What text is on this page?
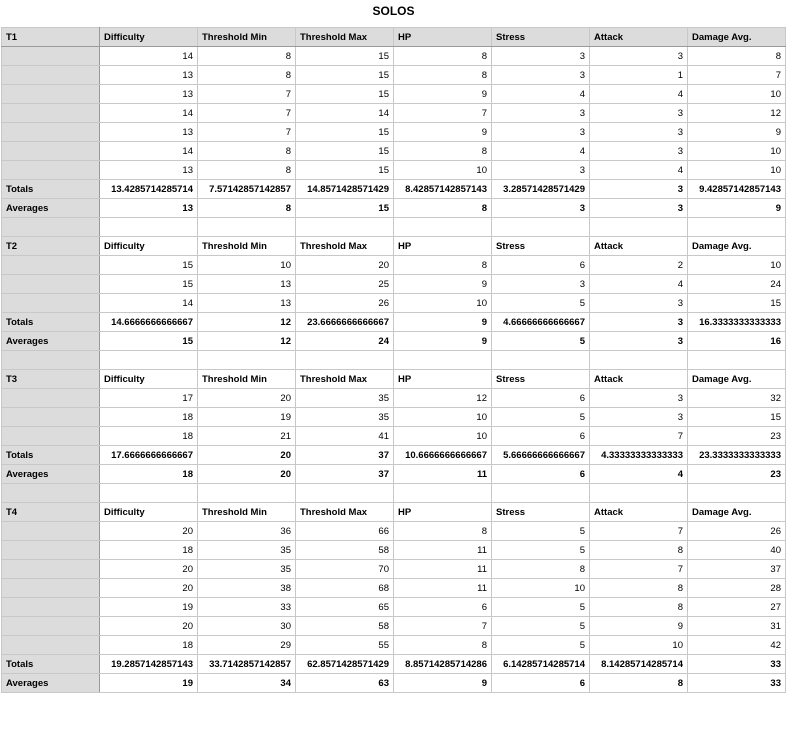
SOLOS
T1	Difficulty	Threshold Min	Threshold Max	HP	Stress	Attack	Damage Avg.
	14	8	15	8	3	3	8
	13	8	15	8	3	1	7
	13	7	15	9	4	4	10
	14	7	14	7	3	3	12
	13	7	15	9	3	3	9
	14	8	15	8	4	3	10
	13	8	15	10	3	4	10
Totals	13.4285714285714	7.57142857142857	14.8571428571429	8.42857142857143	3.28571428571429	3	9.42857142857143
Averages	13	8	15	8	3	3	9

T2	Difficulty	Threshold Min	Threshold Max	HP	Stress	Attack	Damage Avg.
	15	10	20	8	6	2	10
	15	13	25	9	3	4	24
	14	13	26	10	5	3	15
Totals	14.6666666666667	12	23.6666666666667	9	4.66666666666667	3	16.3333333333333
Averages	15	12	24	9	5	3	16

T3	Difficulty	Threshold Min	Threshold Max	HP	Stress	Attack	Damage Avg.
	17	20	35	12	6	3	32
	18	19	35	10	5	3	15
	18	21	41	10	6	7	23
Totals	17.6666666666667	20	37	10.6666666666667	5.66666666666667	4.33333333333333	23.3333333333333
Averages	18	20	37	11	6	4	23

T4	Difficulty	Threshold Min	Threshold Max	HP	Stress	Attack	Damage Avg.
	20	36	66	8	5	7	26
	18	35	58	11	5	8	40
	20	35	70	11	8	7	37
	20	38	68	11	10	8	28
	19	33	65	6	5	8	27
	20	30	58	7	5	9	31
	18	29	55	8	5	10	42
Totals	19.2857142857143	33.7142857142857	62.8571428571429	8.85714285714286	6.14285714285714	8.14285714285714	33
Averages	19	34	63	9	6	8	33
